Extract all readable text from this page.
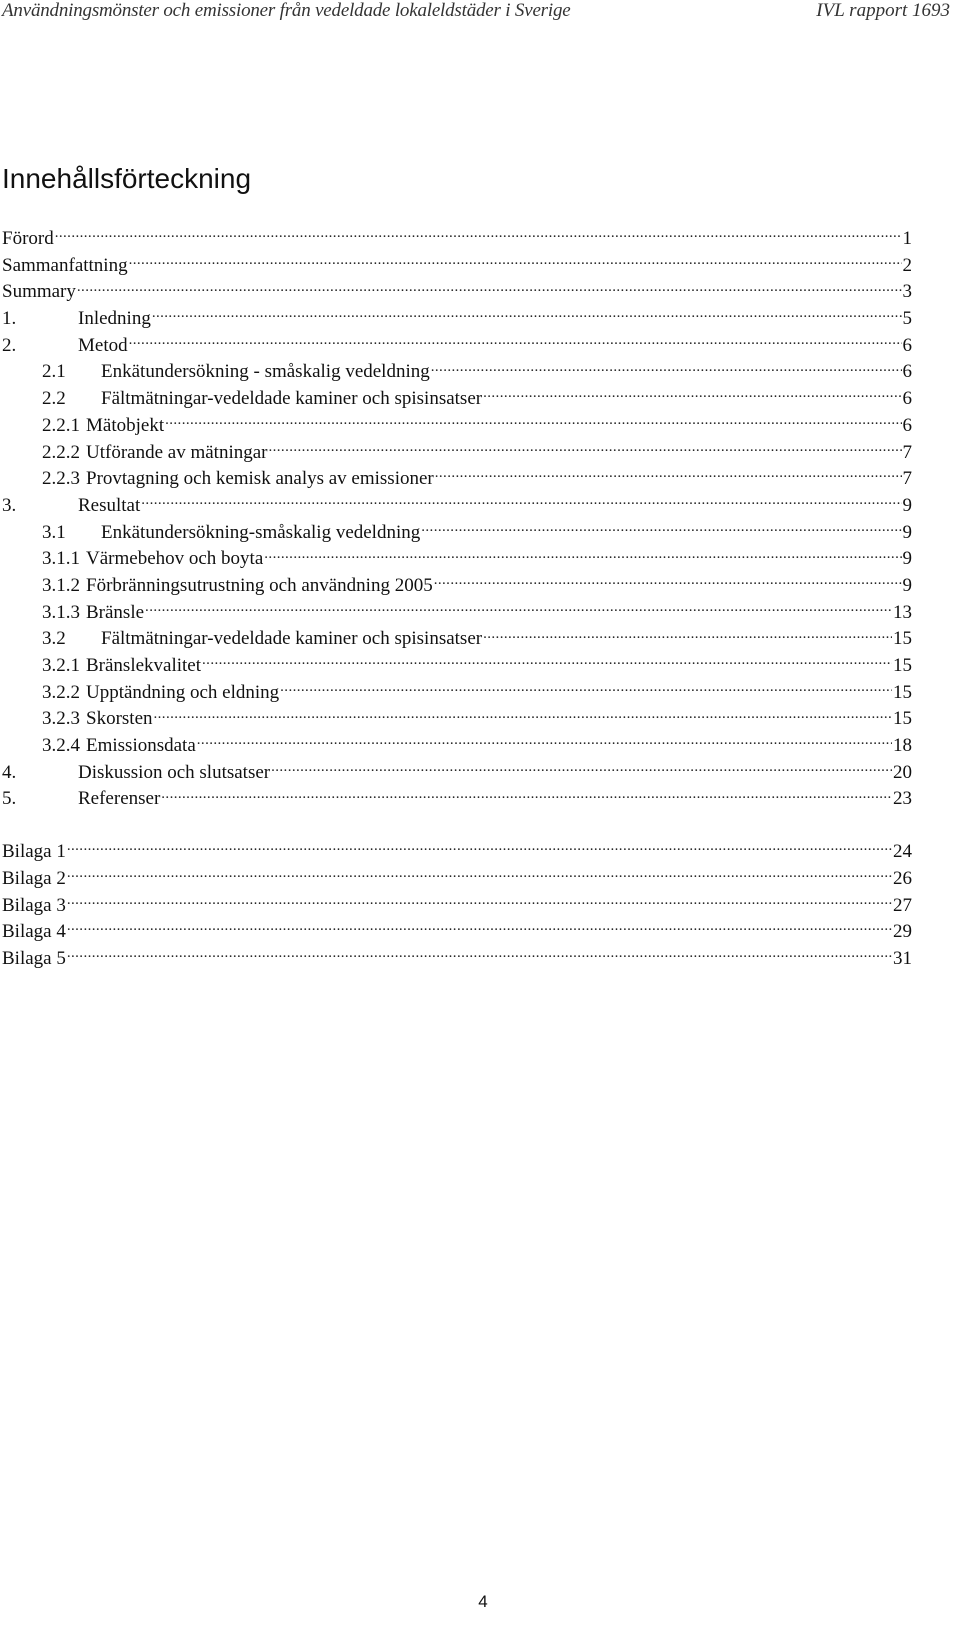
Användningsmönster och emissioner från vedeldade lokaleldstäder i Sverige	IVL rapport 1693
Innehållsförteckning
Förord .....	1
Sammanfattning .....	2
Summary .....	3
1.	Inledning .....	5
2.	Metod .....	6
2.1	Enkätundersökning - småskalig vedeldning .....	6
2.2	Fältmätningar-vedeldade kaminer och spisinsatser .....	6
2.2.1 Mätobjekt .....	6
2.2.2 Utförande av mätningar .....	7
2.2.3 Provtagning och kemisk analys av emissioner .....	7
3.	Resultat .....	9
3.1	Enkätundersökning-småskalig vedeldning .....	9
3.1.1 Värmebehov och boyta .....	9
3.1.2 Förbränningsutrustning och användning 2005 .....	9
3.1.3 Bränsle .....	13
3.2	Fältmätningar-vedeldade kaminer och spisinsatser .....	15
3.2.1 Bränslekvalitet .....	15
3.2.2 Upptändning och eldning .....	15
3.2.3 Skorsten .....	15
3.2.4 Emissionsdata .....	18
4.	Diskussion och slutsatser .....	20
5.	Referenser .....	23
Bilaga 1 .....	24
Bilaga 2 .....	26
Bilaga 3 .....	27
Bilaga 4 .....	29
Bilaga 5 .....	31
4
